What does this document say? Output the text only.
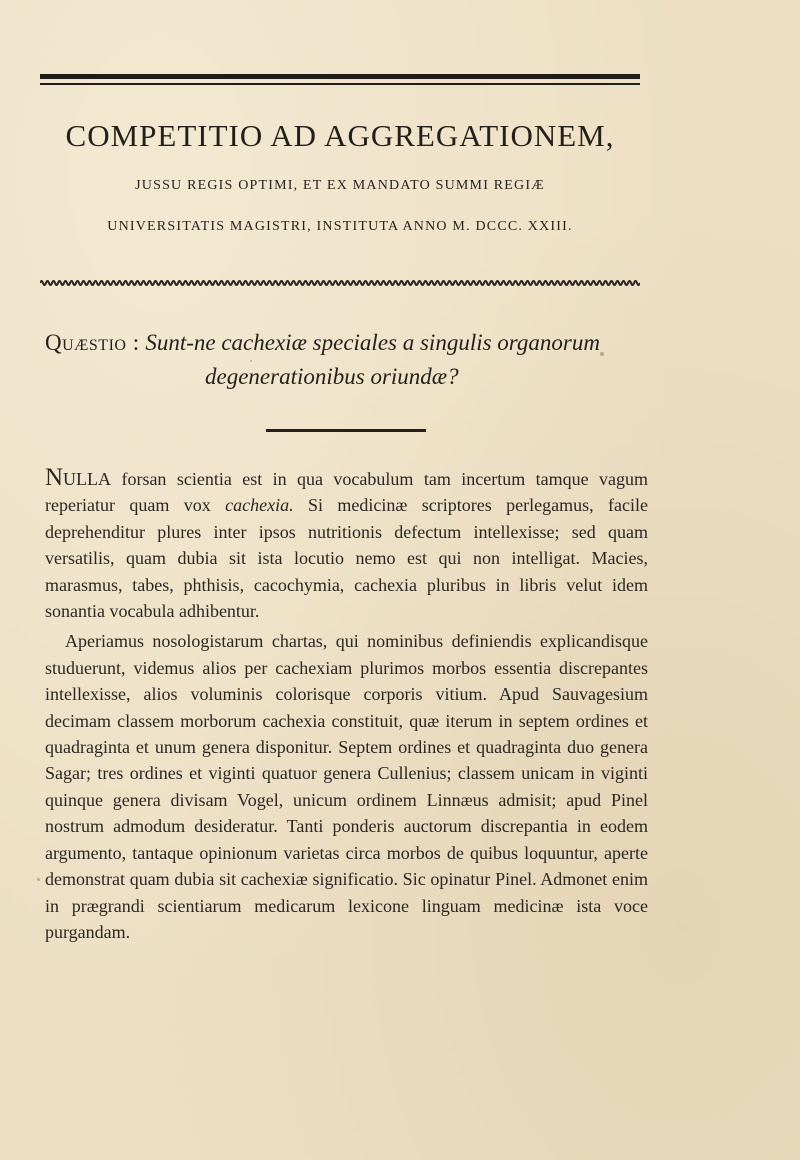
COMPETITIO AD AGGREGATIONEM,
JUSSU REGIS OPTIMI, ET EX MANDATO SUMMI REGIÆ
UNIVERSITATIS MAGISTRI, INSTITUTA ANNO M. DCCC. XXIII.
Quæstio : Sunt-ne cachexiæ speciales a singulis organorum
degenerationibus oriundæ?

Nulla forsan scientia est in qua vocabulum tam incertum tamque vagum reperiatur quam vox cachexia. Si medicinæ scriptores perlegamus, facile deprehenditur plures inter ipsos nutritionis defectum intellexisse; sed quam versatilis, quam dubia sit ista locutio nemo est qui non intelligat. Macies, marasmus, tabes, phthisis, cacochymia, cachexia pluribus in libris velut idem sonantia vocabula adhibentur.

Aperiamus nosologistarum chartas, qui nominibus definiendis explicandisque studuerunt, videmus alios per cachexiam plurimos morbos essentia discrepantes intellexisse, alios voluminis colorisque corporis vitium. Apud Sauvagesium decimam classem morborum cachexia constituit, quæ iterum in septem ordines et quadraginta et unum genera disponitur. Septem ordines et quadraginta duo genera Sagar; tres ordines et viginti quatuor genera Cullenius; classem unicam in viginti quinque genera divisam Vogel, unicum ordinem Linnæus admisit; apud Pinel nostrum admodum desideratur. Tanti ponderis auctorum discrepantia in eodem argumento, tantaque opinionum varietas circa morbos de quibus loquuntur, aperte demonstrat quam dubia sit cachexiæ significatio. Sic opinatur Pinel. Admonet enim in prægrandi scientiarum medicarum lexicone linguam medicinæ ista voce purgandam.
